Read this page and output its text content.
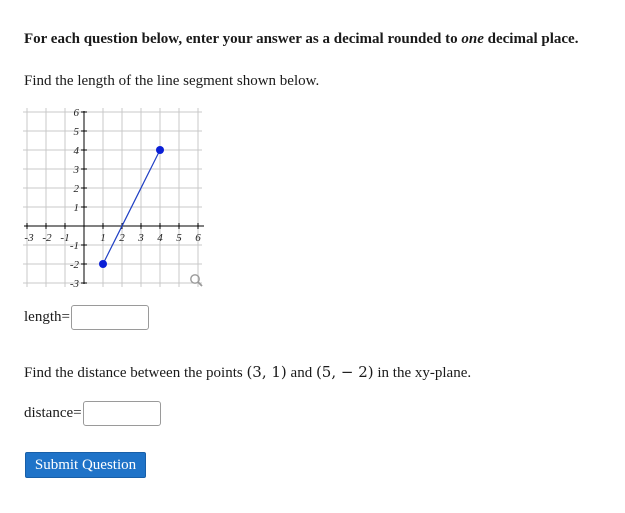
For each question below, enter your answer as a decimal rounded to one decimal place.
Find the length of the line segment shown below.
-3 -2 -1	1 2 3 4 5 6
6
5
4
3
2
1
-1
-2
-3
length=
Find the distance between the points (3, 1) and (5, − 2) in the xy-plane.
distance=
Submit Question
